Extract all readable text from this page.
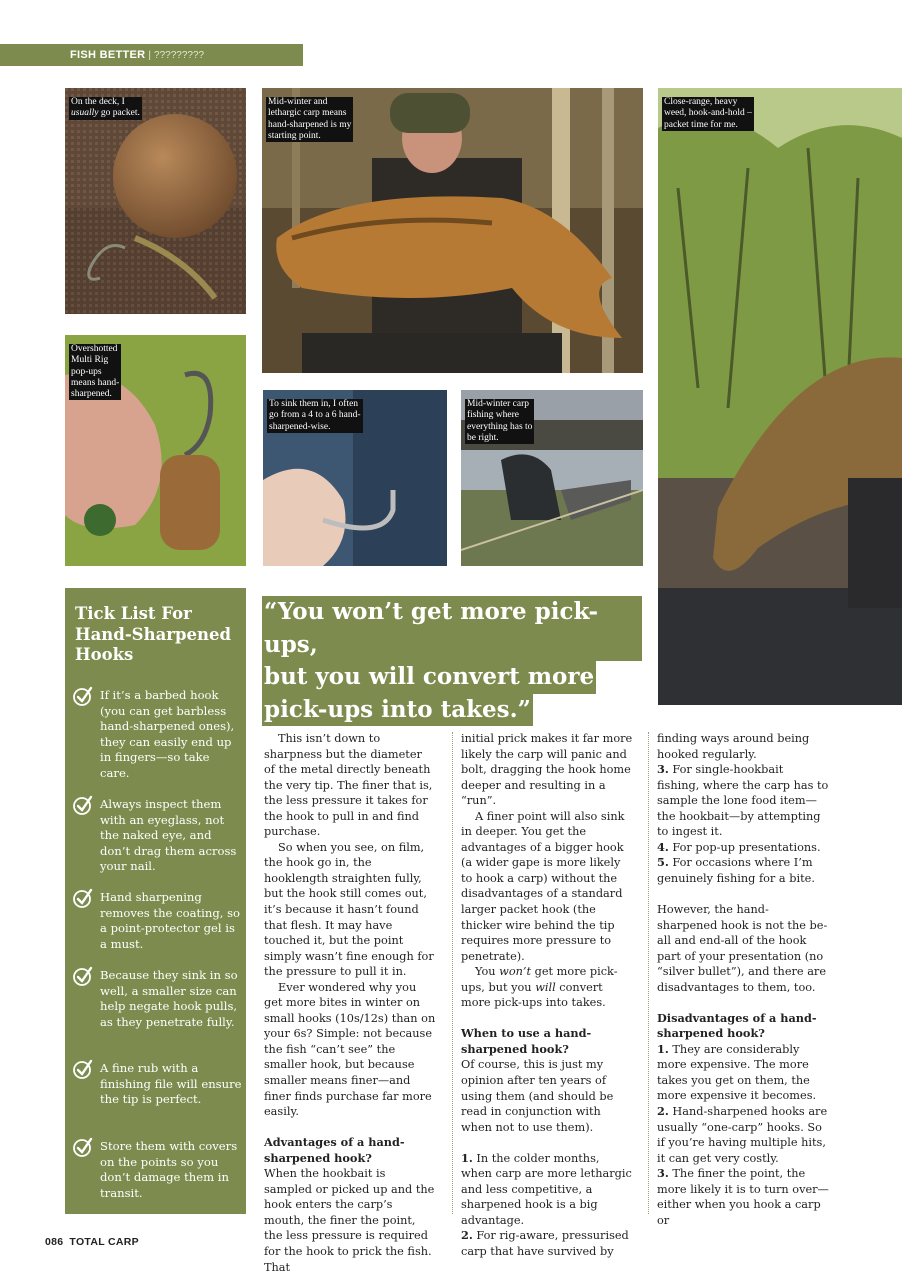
FISH BETTER | ?????????
On the deck, I
usually go packet.
Mid-winter and
lethargic carp means
hand-sharpened is my
starting point.
Close-range, heavy
weed, hook-and-hold –
packet time for me.
Overshotted
Multi Rig
pop-ups
means hand-
sharpened.
To sink them in, I often
go from a 4 to a 6 hand-
sharpened-wise.
Mid-winter carp
fishing where
everything has to
be right.
Tick List For Hand-Sharpened Hooks
If it’s a barbed hook (you can get barbless hand-sharpened ones), they can easily end up in fingers—so take care.
Always inspect them with an eyeglass, not the naked eye, and don’t drag them across your nail.
Hand sharpening removes the coating, so a point-protector gel is a must.
Because they sink in so well, a smaller size can help negate hook pulls, as they penetrate fully.
A fine rub with a finishing file will ensure the tip is perfect.
Store them with covers on the points so you don’t damage them in transit.
“You won’t get more pick-ups,
but you will convert more
pick-ups into takes.”

This isn’t down to sharpness but the diameter of the metal directly beneath the very tip. The finer that is, the less pressure it takes for the hook to pull in and find purchase.

So when you see, on film, the hook go in, the hooklength straighten fully, but the hook still comes out, it’s because it hasn’t found that flesh. It may have touched it, but the point simply wasn’t fine enough for the pressure to pull it in.

Ever wondered why you get more bites in winter on small hooks (10s/12s) than on your 6s? Simple: not because the fish “can’t see” the smaller hook, but because smaller means finer—and finer finds purchase far more easily.

Advantages of a hand-sharpened hook?

When the hookbait is sampled or picked up and the hook enters the carp’s mouth, the finer the point, the less pressure is required for the hook to prick the fish. That

initial prick makes it far more likely the carp will panic and bolt, dragging the hook home deeper and resulting in a “run”.

A finer point will also sink in deeper. You get the advantages of a bigger hook (a wider gape is more likely to hook a carp) without the disadvantages of a standard larger packet hook (the thicker wire behind the tip requires more pressure to penetrate).

You won’t get more pick-ups, but you will convert more pick-ups into takes.

When to use a hand-sharpened hook?

Of course, this is just my opinion after ten years of using them (and should be read in conjunction with when not to use them).

1. In the colder months, when carp are more lethargic and less competitive, a sharpened hook is a big advantage.

2. For rig-aware, pressurised carp that have survived by

finding ways around being hooked regularly.

3. For single-hookbait fishing, where the carp has to sample the lone food item—the hookbait—by attempting to ingest it.

4. For pop-up presentations.

5. For occasions where I’m genuinely fishing for a bite.

However, the hand-sharpened hook is not the be-all and end-all of the hook part of your presentation (no “silver bullet”), and there are disadvantages to them, too.

Disadvantages of a hand-sharpened hook?

1. They are considerably more expensive. The more takes you get on them, the more expensive it becomes.

2. Hand-sharpened hooks are usually “one-carp” hooks. So if you’re having multiple hits, it can get very costly.

3. The finer the point, the more likely it is to turn over—either when you hook a carp or

086 TOTAL CARP
